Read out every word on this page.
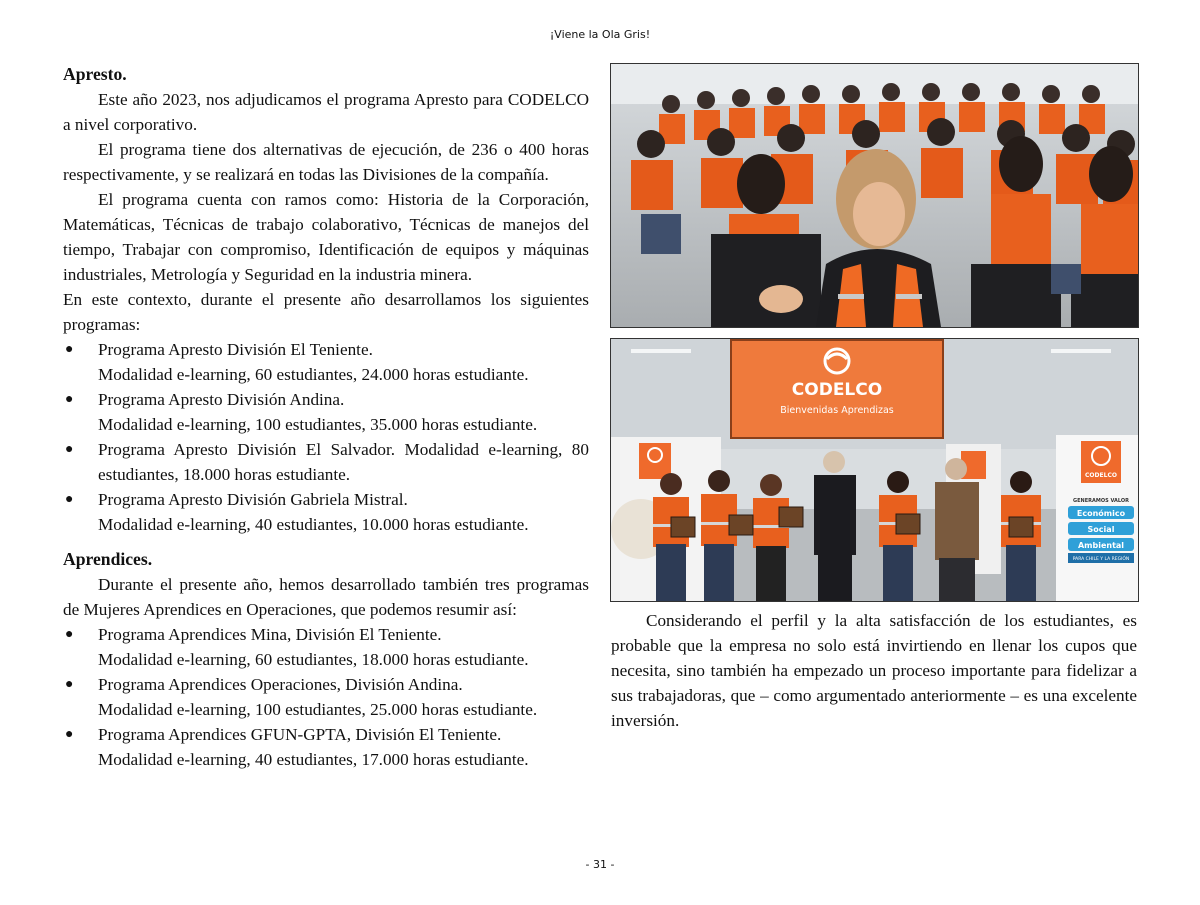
¡Viene la Ola Gris!
Apresto.

Este año 2023, nos adjudicamos el programa Apresto para CODELCO a nivel corporativo.

El programa tiene dos alternativas de ejecución, de 236 o 400 horas respectivamente, y se realizará en todas las Divisiones de la compañía.

El programa cuenta con ramos como: Historia de la Corporación, Matemáticas, Técnicas de trabajo colaborativo, Técnicas de manejos del tiempo, Trabajar con compromiso, Identificación de equipos y máquinas industriales, Metrología y Seguridad en la industria minera.

En este contexto, durante el presente año desarrollamos los siguientes programas:

● Programa Apresto División El Teniente.
Modalidad e-learning, 60 estudiantes, 24.000 horas estudiante.
● Programa Apresto División Andina.
Modalidad e-learning, 100 estudiantes, 35.000 horas estudiante.
● Programa Apresto División El Salvador. Modalidad e-learning, 80 estudiantes, 18.000 horas estudiante.
● Programa Apresto División Gabriela Mistral.
Modalidad e-learning, 40 estudiantes, 10.000 horas estudiante.
Aprendices.

Durante el presente año, hemos desarrollado también tres programas de Mujeres Aprendices en Operaciones, que podemos resumir así:

● Programa Aprendices Mina, División El Teniente.
Modalidad e-learning, 60 estudiantes, 18.000 horas estudiante.
● Programa Aprendices Operaciones, División Andina.
Modalidad e-learning, 100 estudiantes, 25.000 horas estudiante.
● Programa Aprendices GFUN-GPTA, División El Teniente.
Modalidad e-learning, 40 estudiantes, 17.000 horas estudiante.
CODELCO
Bienvenidas Aprendizas
CODELCO
GENERAMOS VALOR
Económico
Social
Ambiental
PARA CHILE Y LA REGIÓN

Considerando el perfil y la alta satisfacción de los estudiantes, es probable que la empresa no solo está invirtiendo en llenar los cupos que necesita, sino también ha empezado un proceso importante para fidelizar a sus trabajadoras, que – como argumentado anteriormente – es una excelente inversión.

- 31 -
